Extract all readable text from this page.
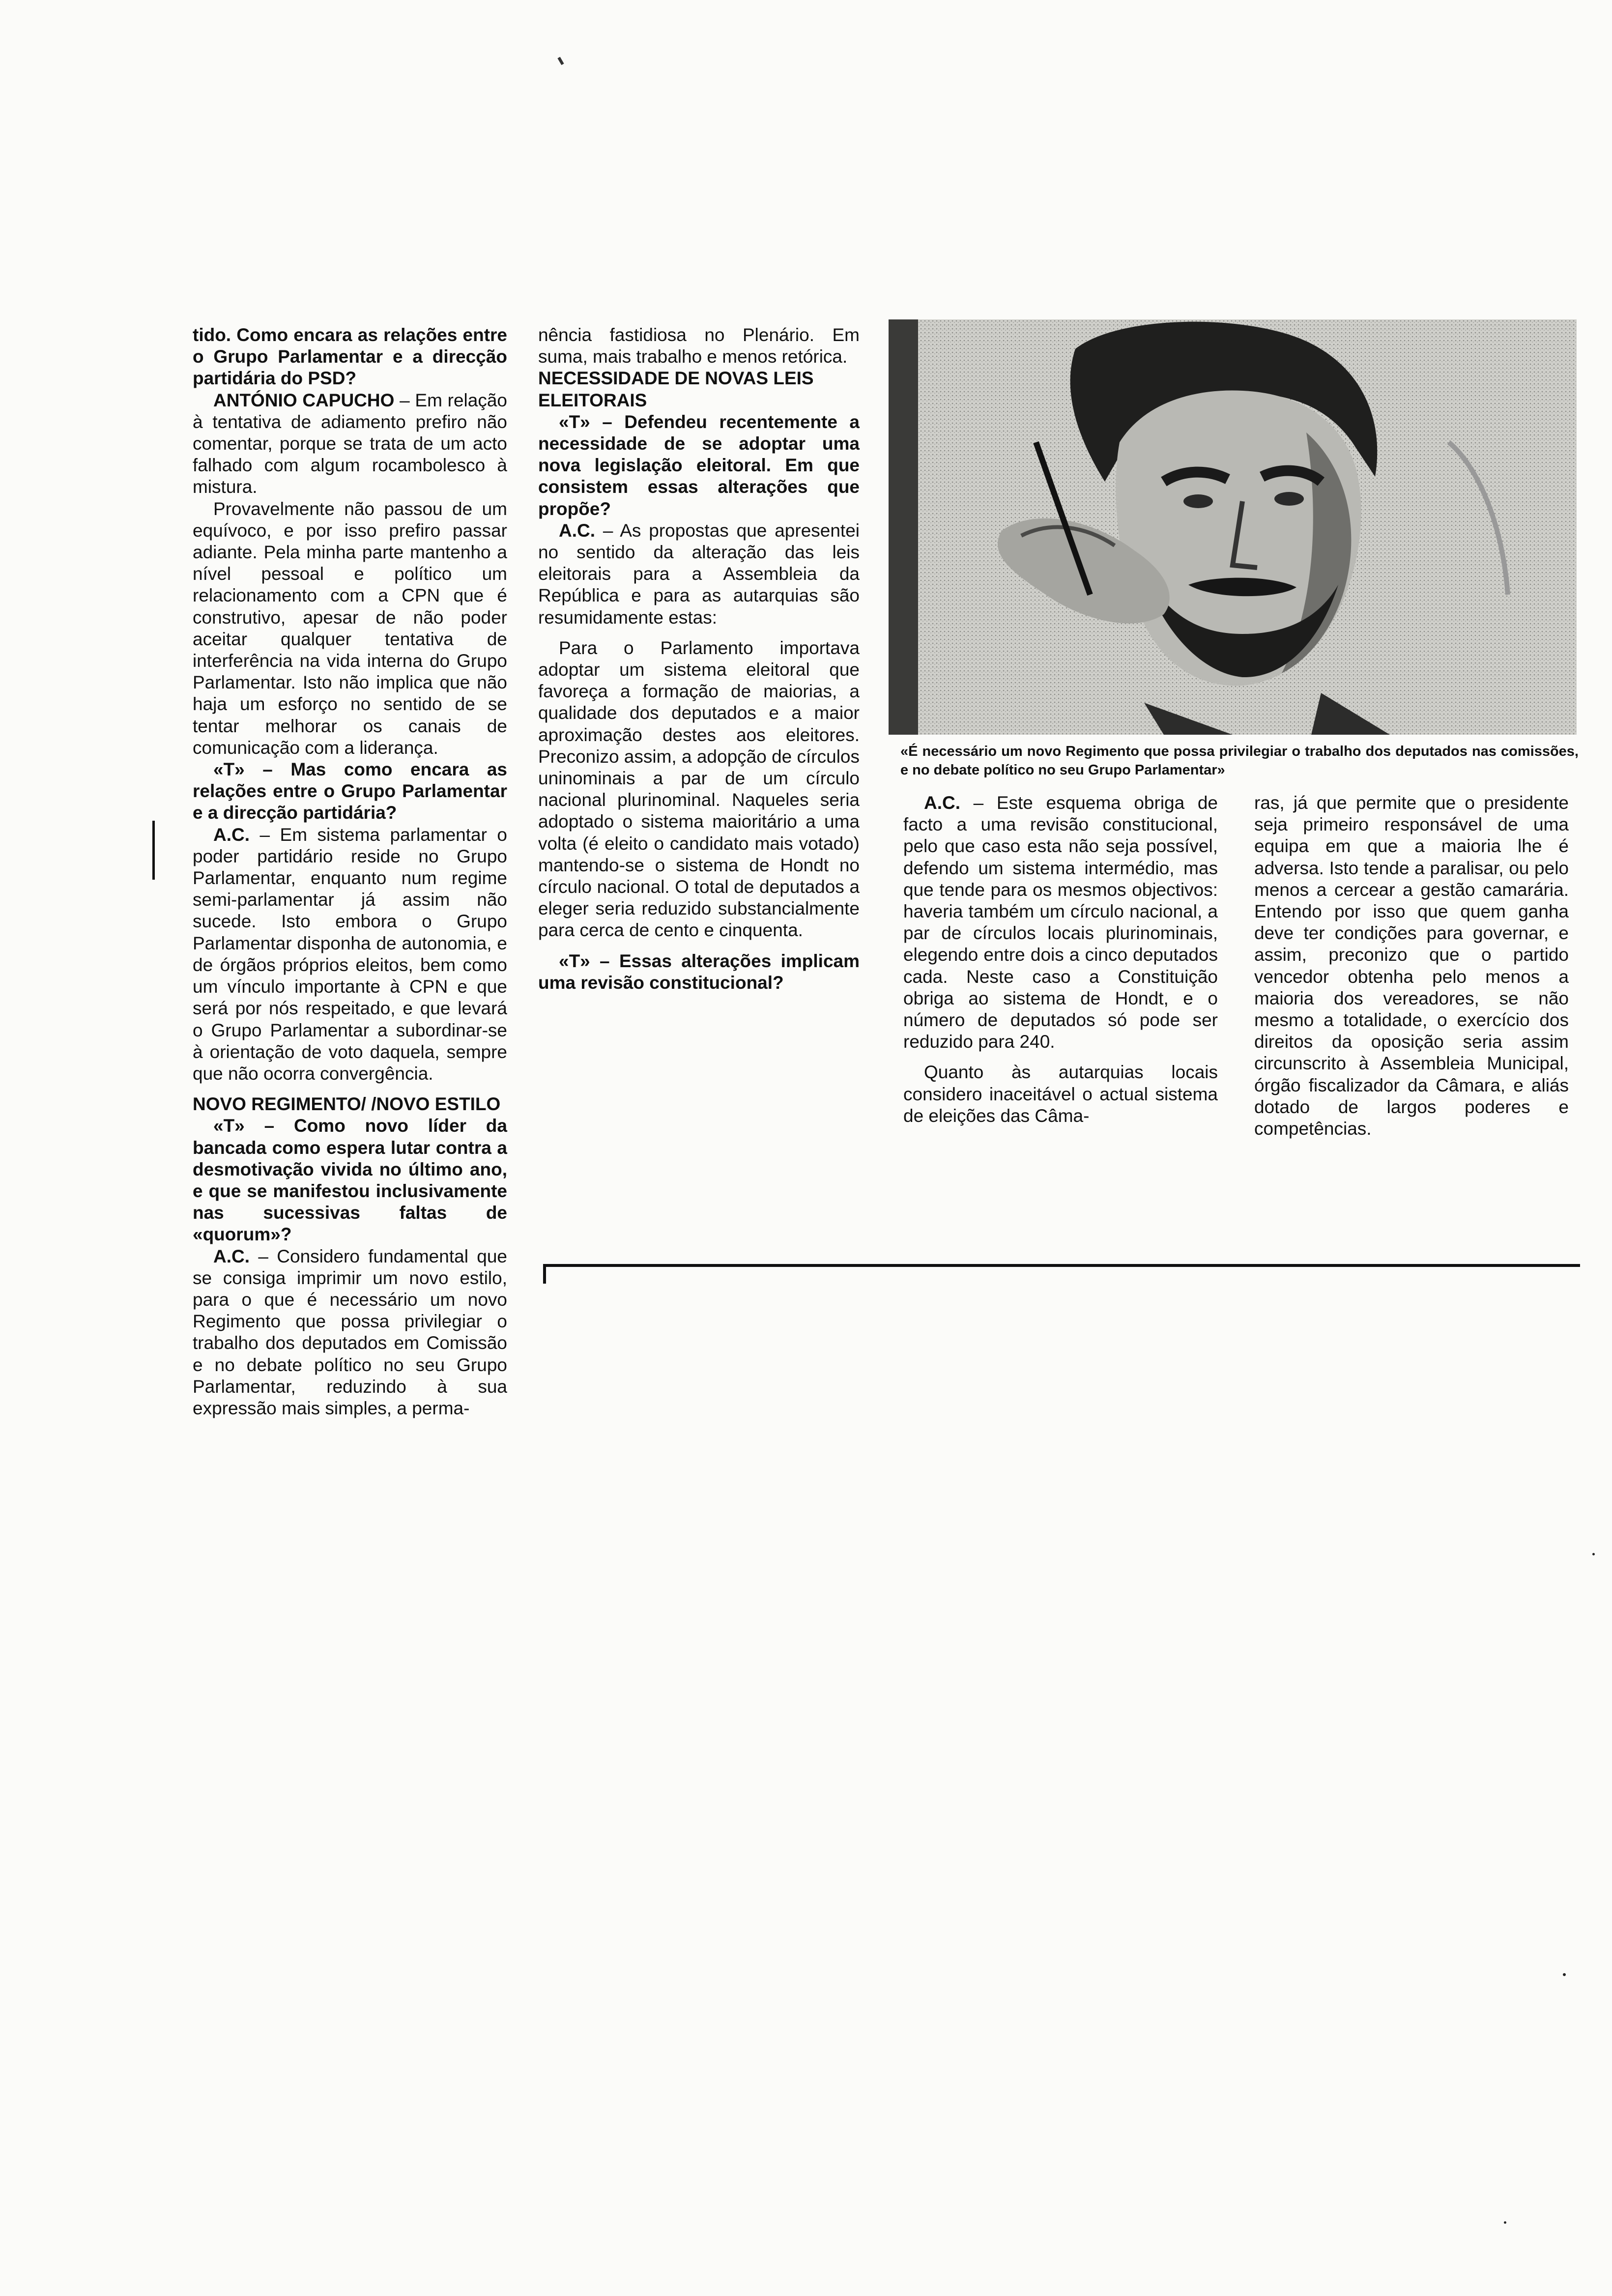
tido. Como encara as relações entre o Grupo Parlamentar e a direcção partidária do PSD?

ANTÓNIO CAPUCHO – Em relação à tentativa de adiamento prefiro não comentar, porque se trata de um acto falhado com algum rocambolesco à mistura.

Provavelmente não passou de um equívoco, e por isso prefiro passar adiante. Pela minha parte mantenho a nível pessoal e político um relacionamento com a CPN que é construtivo, apesar de não poder aceitar qualquer tentativa de interferência na vida interna do Grupo Parlamentar. Isto não implica que não haja um esforço no sentido de se tentar melhorar os canais de comunicação com a liderança.

«T» – Mas como encara as relações entre o Grupo Parlamentar e a direcção partidária?

A.C. – Em sistema parlamentar o poder partidário reside no Grupo Parlamentar, enquanto num regime semi-parlamentar já assim não sucede. Isto embora o Grupo Parlamentar disponha de autonomia, e de órgãos próprios eleitos, bem como um vínculo importante à CPN e que será por nós respeitado, e que levará o Grupo Parlamentar a subordinar-se à orientação de voto daquela, sempre que não ocorra convergência.

NOVO REGIMENTO/ /NOVO ESTILO

«T» – Como novo líder da bancada como espera lutar contra a desmotivação vivida no último ano, e que se manifestou inclusivamente nas sucessivas faltas de «quorum»?

A.C. – Considero fundamental que se consiga imprimir um novo estilo, para o que é necessário um novo Regimento que possa privilegiar o trabalho dos deputados em Comissão e no debate político no seu Grupo Parlamentar, reduzindo à sua expressão mais simples, a perma-

nência fastidiosa no Plenário. Em suma, mais trabalho e menos retórica.

NECESSIDADE DE NOVAS LEIS ELEITORAIS

«T» – Defendeu recentemente a necessidade de se adoptar uma nova legislação eleitoral. Em que consistem essas alterações que propõe?

A.C. – As propostas que apresentei no sentido da alteração das leis eleitorais para a Assembleia da República e para as autarquias são resumidamente estas:

Para o Parlamento importava adoptar um sistema eleitoral que favoreça a formação de maiorias, a qualidade dos deputados e a maior aproximação destes aos eleitores. Preconizo assim, a adopção de círculos uninominais a par de um círculo nacional plurinominal. Naqueles seria adoptado o sistema maioritário a uma volta (é eleito o candidato mais votado) mantendo-se o sistema de Hondt no círculo nacional. O total de deputados a eleger seria reduzido substancialmente para cerca de cento e cinquenta.

«T» – Essas alterações implicam uma revisão constitucional?

«É necessário um novo Regimento que possa privilegiar o trabalho dos deputados nas comissões, e no debate político no seu Grupo Parlamentar»

A.C. – Este esquema obriga de facto a uma revisão constitucional, pelo que caso esta não seja possível, defendo um sistema intermédio, mas que tende para os mesmos objectivos: haveria também um círculo nacional, a par de círculos locais plurinominais, elegendo entre dois a cinco deputados cada. Neste caso a Constituição obriga ao sistema de Hondt, e o número de deputados só pode ser reduzido para 240.

Quanto às autarquias locais considero inaceitável o actual sistema de eleições das Câma-

ras, já que permite que o presidente seja primeiro responsável de uma equipa em que a maioria lhe é adversa. Isto tende a paralisar, ou pelo menos a cercear a gestão camarária. Entendo por isso que quem ganha deve ter condições para governar, e assim, preconizo que o partido vencedor obtenha pelo menos a maioria dos vereadores, se não mesmo a totalidade, o exercício dos direitos da oposição seria assim circunscrito à Assembleia Municipal, órgão fiscalizador da Câmara, e aliás dotado de largos poderes e competências.
